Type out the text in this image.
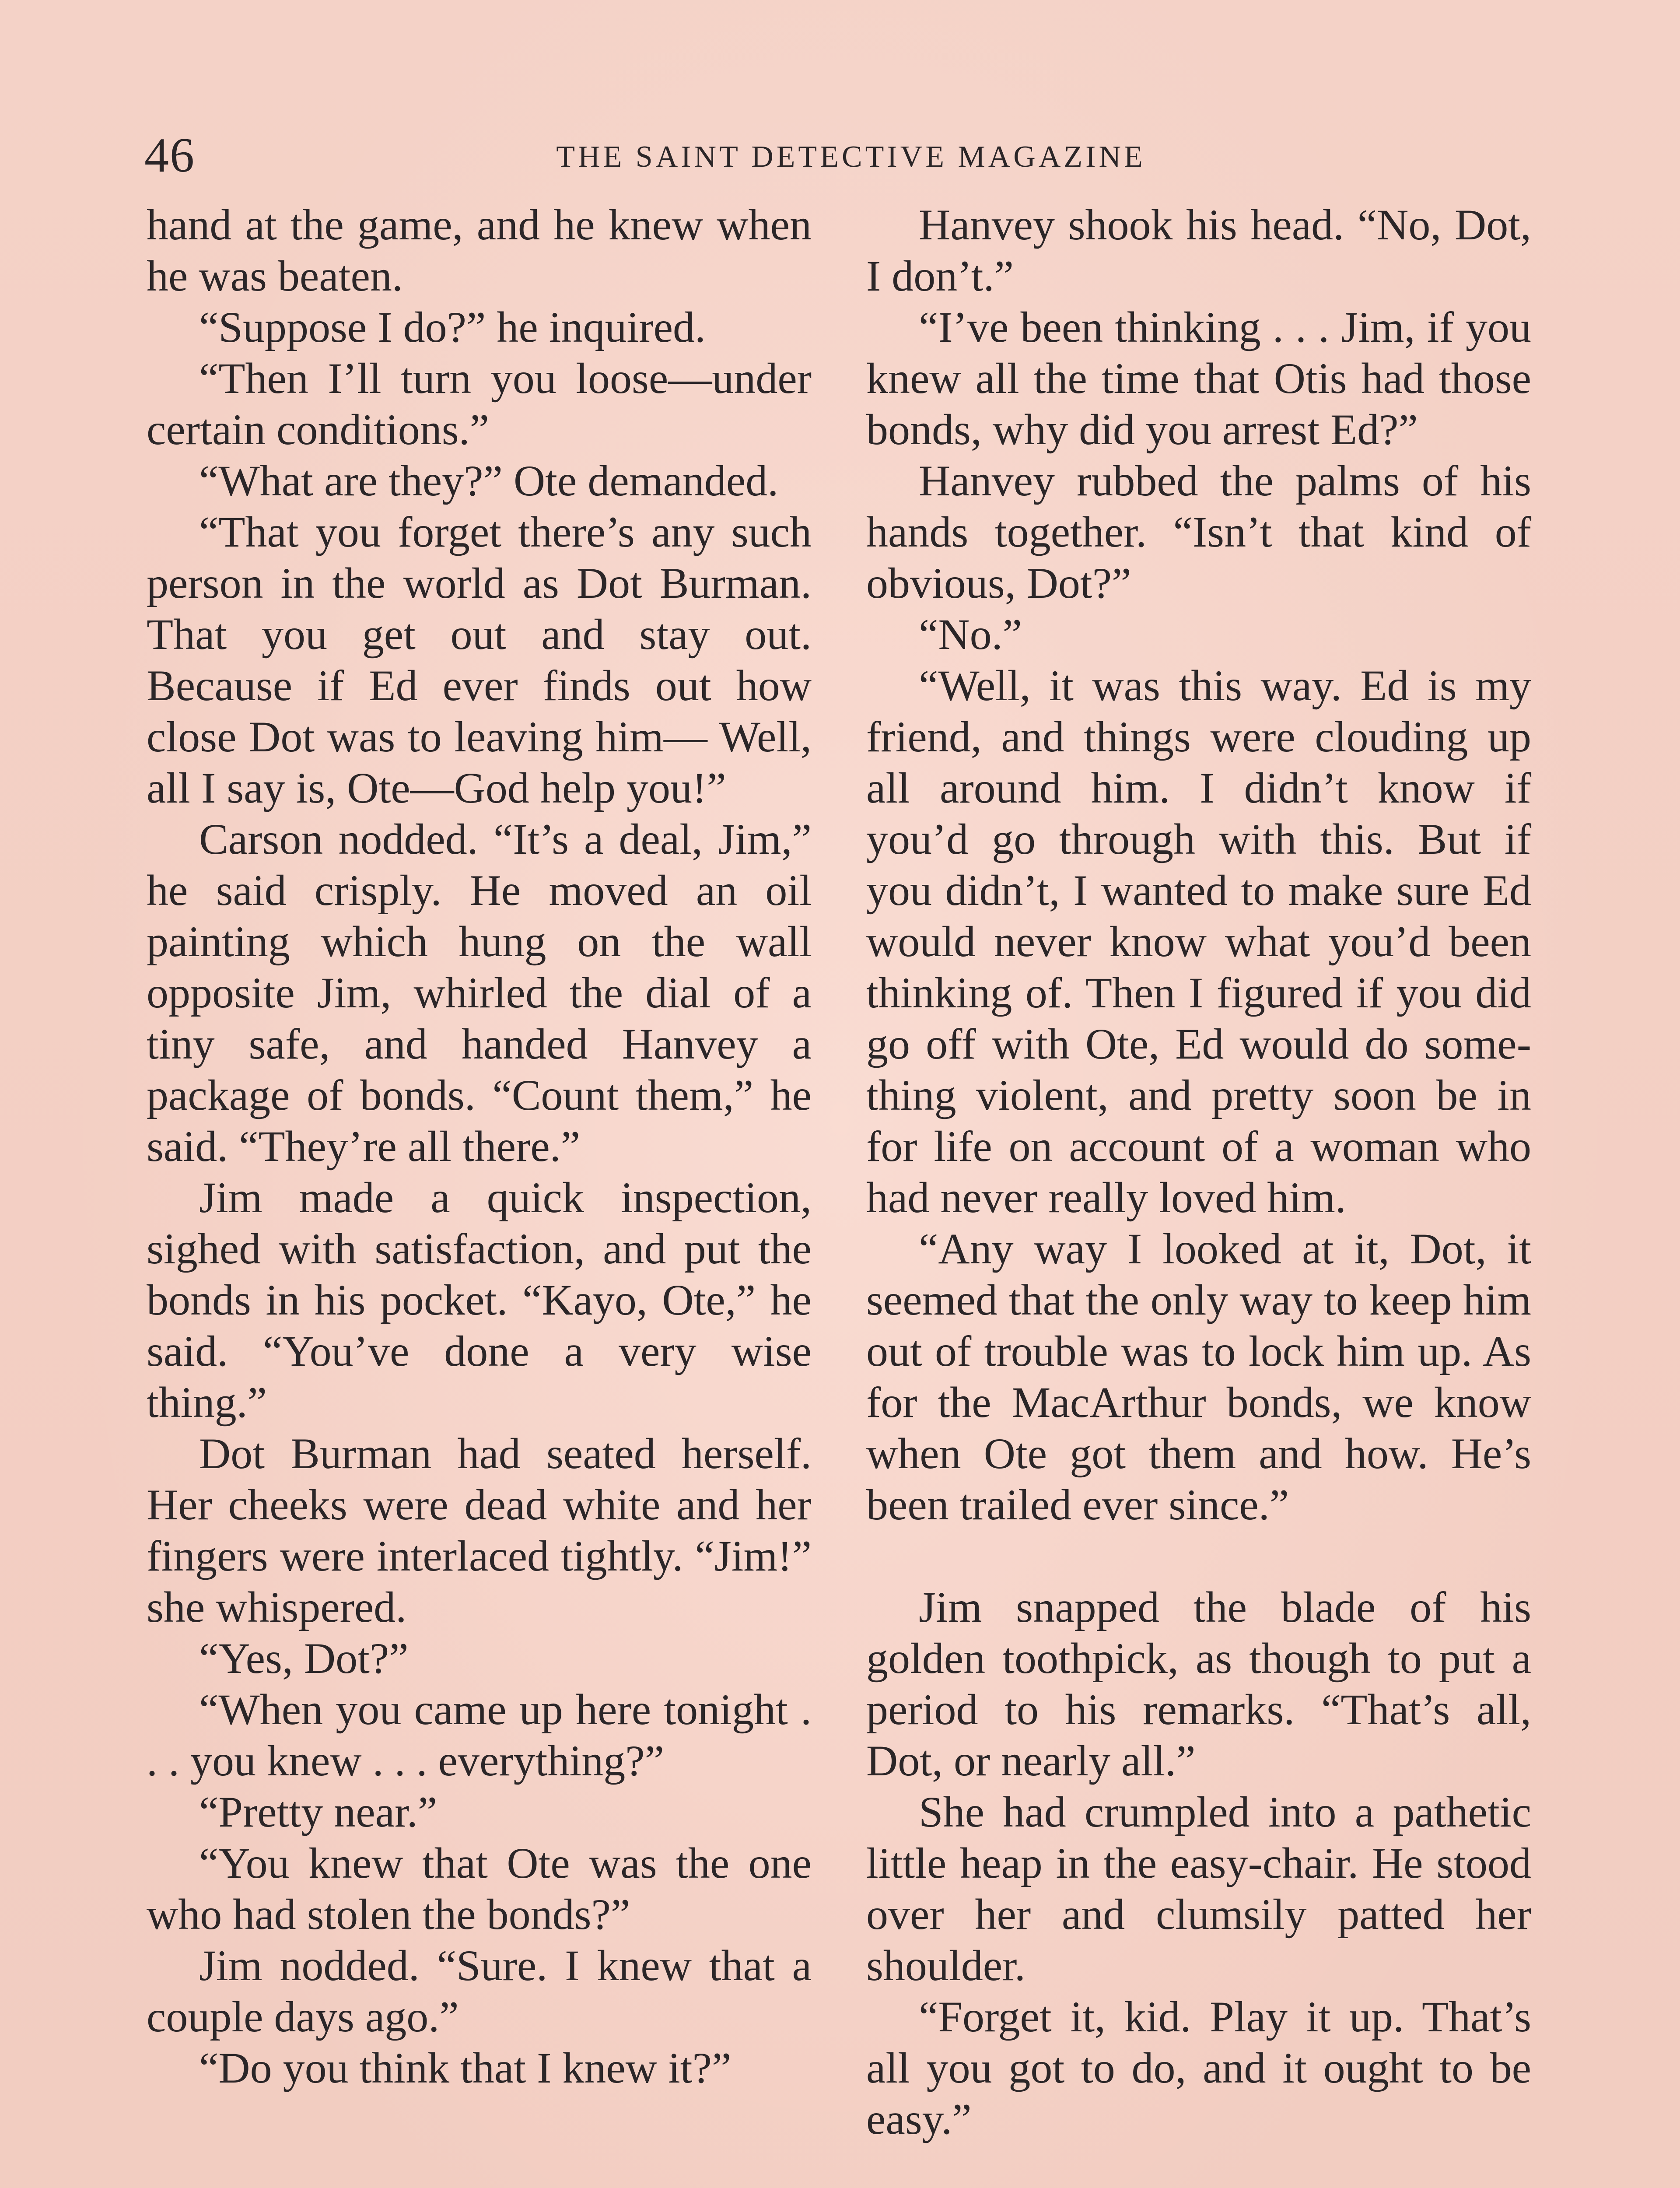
46	THE SAINT DETECTIVE MAGAZINE

hand at the game, and he knew when he was beaten.

“Suppose I do?” he inquired.

“Then I’ll turn you loose—under certain conditions.”

“What are they?” Ote demanded.

“That you forget there’s any such person in the world as Dot Burman. That you get out and stay out. Because if Ed ever finds out how close Dot was to leaving him— Well, all I say is, Ote—God help you!”

Carson nodded. “It’s a deal, Jim,” he said crisply. He moved an oil painting which hung on the wall opposite Jim, whirled the dial of a tiny safe, and handed Hanvey a package of bonds. “Count them,” he said. “They’re all there.”

Jim made a quick inspection, sighed with satisfaction, and put the bonds in his pocket. “Kayo, Ote,” he said. “You’ve done a very wise thing.”

Dot Burman had seated herself. Her cheeks were dead white and her fingers were interlaced tightly. “Jim!” she whispered.

“Yes, Dot?”

“When you came up here tonight . . . you knew . . . everything?”

“Pretty near.”

“You knew that Ote was the one who had stolen the bonds?”

Jim nodded. “Sure. I knew that a couple days ago.”

“Do you think that I knew it?”

Hanvey shook his head. “No, Dot, I don’t.”

“I’ve been thinking . . . Jim, if you knew all the time that Otis had those bonds, why did you arrest Ed?”

Hanvey rubbed the palms of his hands together. “Isn’t that kind of obvious, Dot?”

“No.”

“Well, it was this way. Ed is my friend, and things were clouding up all around him. I didn’t know if you’d go through with this. But if you didn’t, I wanted to make sure Ed would never know what you’d been thinking of. Then I figured if you did go off with Ote, Ed would do something violent, and pretty soon be in for life on account of a woman who had never really loved him.

“Any way I looked at it, Dot, it seemed that the only way to keep him out of trouble was to lock him up. As for the MacArthur bonds, we know when Ote got them and how. He’s been trailed ever since.”

Jim snapped the blade of his golden toothpick, as though to put a period to his remarks. “That’s all, Dot, or nearly all.”

She had crumpled into a pathetic little heap in the easy-chair. He stood over her and clumsily patted her shoulder.

“Forget it, kid. Play it up. That’s all you got to do, and it ought to be easy.”
